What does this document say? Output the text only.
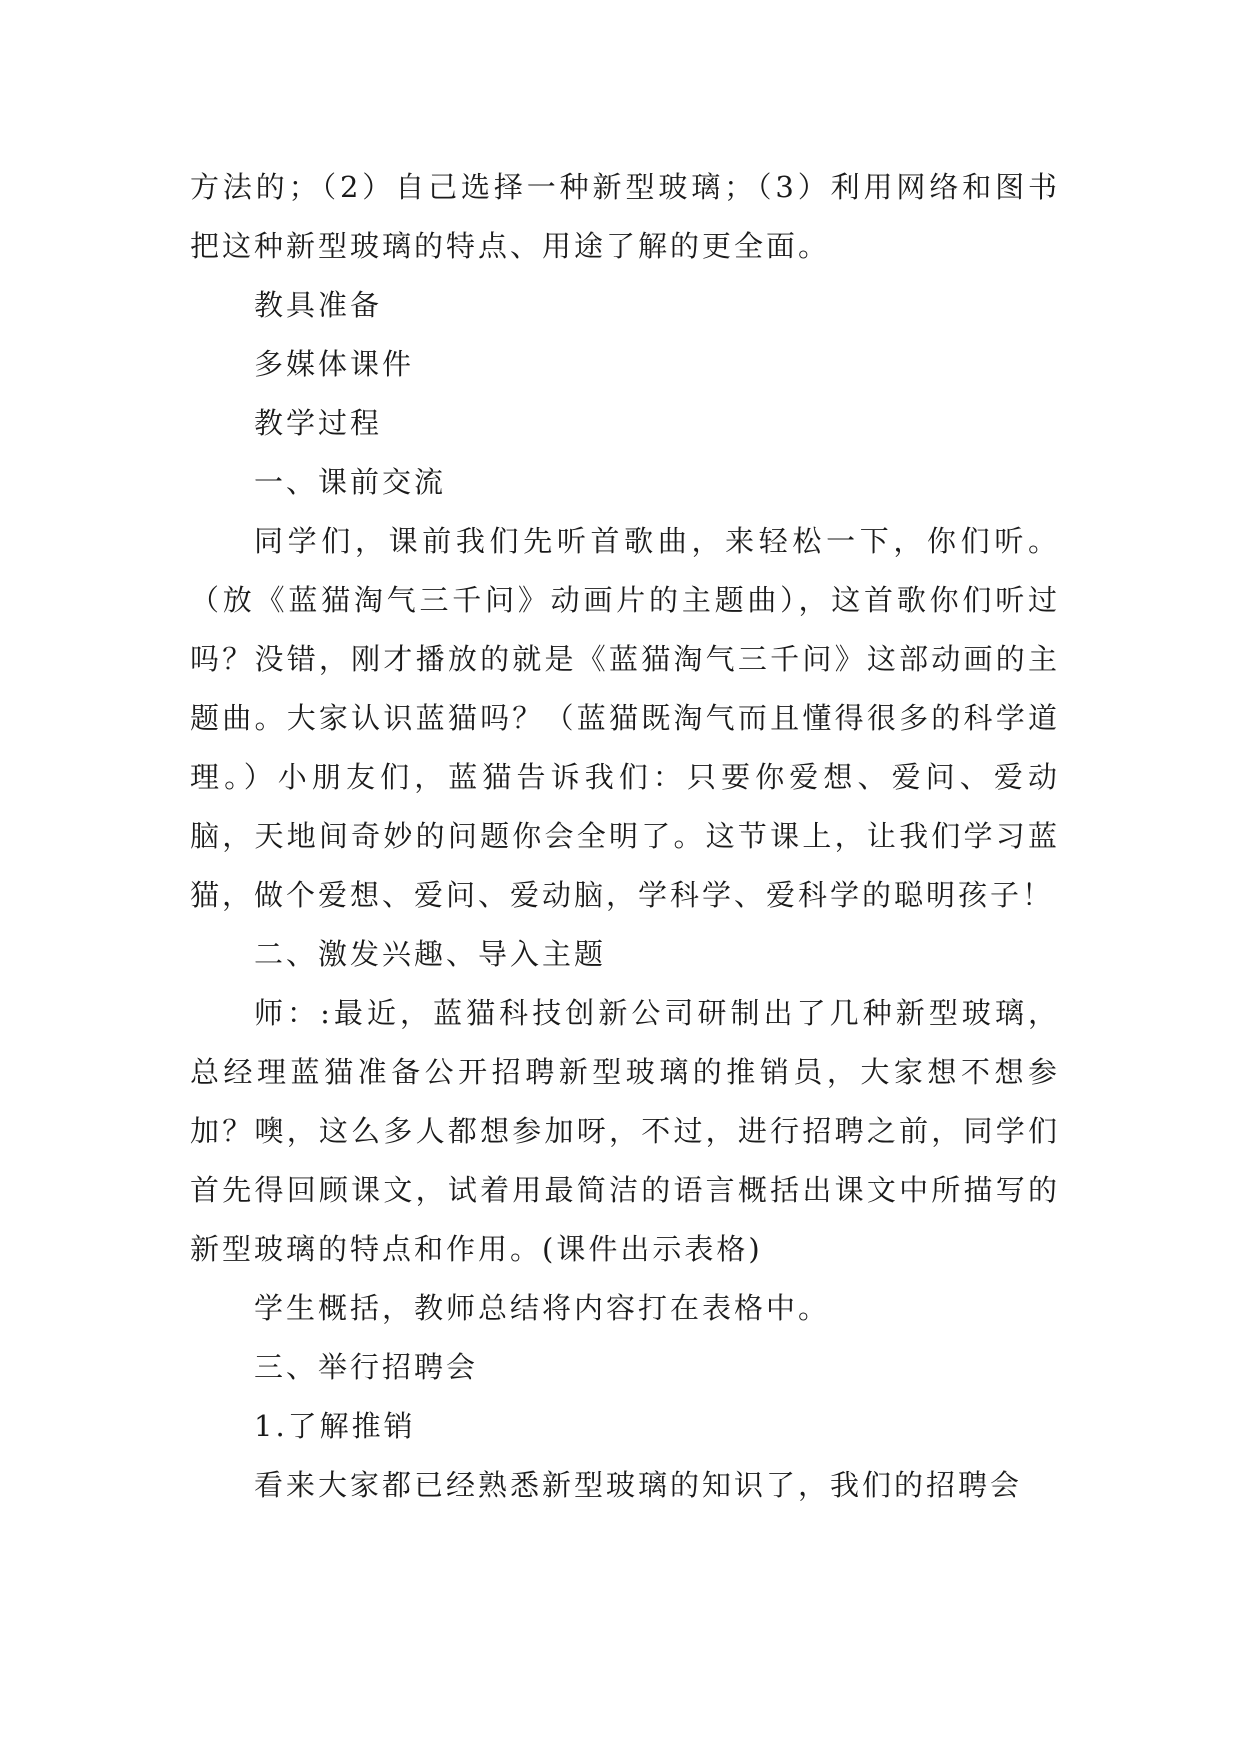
方法的；（2）自己选择一种新型玻璃；（3）利用网络和图书把这种新型玻璃的特点、用途了解的更全面。

教具准备

多媒体课件

教学过程

一、课前交流

同学们，课前我们先听首歌曲，来轻松一下，你们听。（放《蓝猫淘气三千问》动画片的主题曲），这首歌你们听过吗？没错，刚才播放的就是《蓝猫淘气三千问》这部动画的主题曲。大家认识蓝猫吗？（蓝猫既淘气而且懂得很多的科学道理。）小朋友们，蓝猫告诉我们：只要你爱想、爱问、爱动脑，天地间奇妙的问题你会全明了。这节课上，让我们学习蓝猫，做个爱想、爱问、爱动脑，学科学、爱科学的聪明孩子！

二、激发兴趣、导入主题

师：:最近，蓝猫科技创新公司研制出了几种新型玻璃，总经理蓝猫准备公开招聘新型玻璃的推销员，大家想不想参加？噢，这么多人都想参加呀，不过，进行招聘之前，同学们首先得回顾课文，试着用最简洁的语言概括出课文中所描写的新型玻璃的特点和作用。(课件出示表格)

学生概括，教师总结将内容打在表格中。

三、举行招聘会

1.了解推销

看来大家都已经熟悉新型玻璃的知识了，我们的招聘会
